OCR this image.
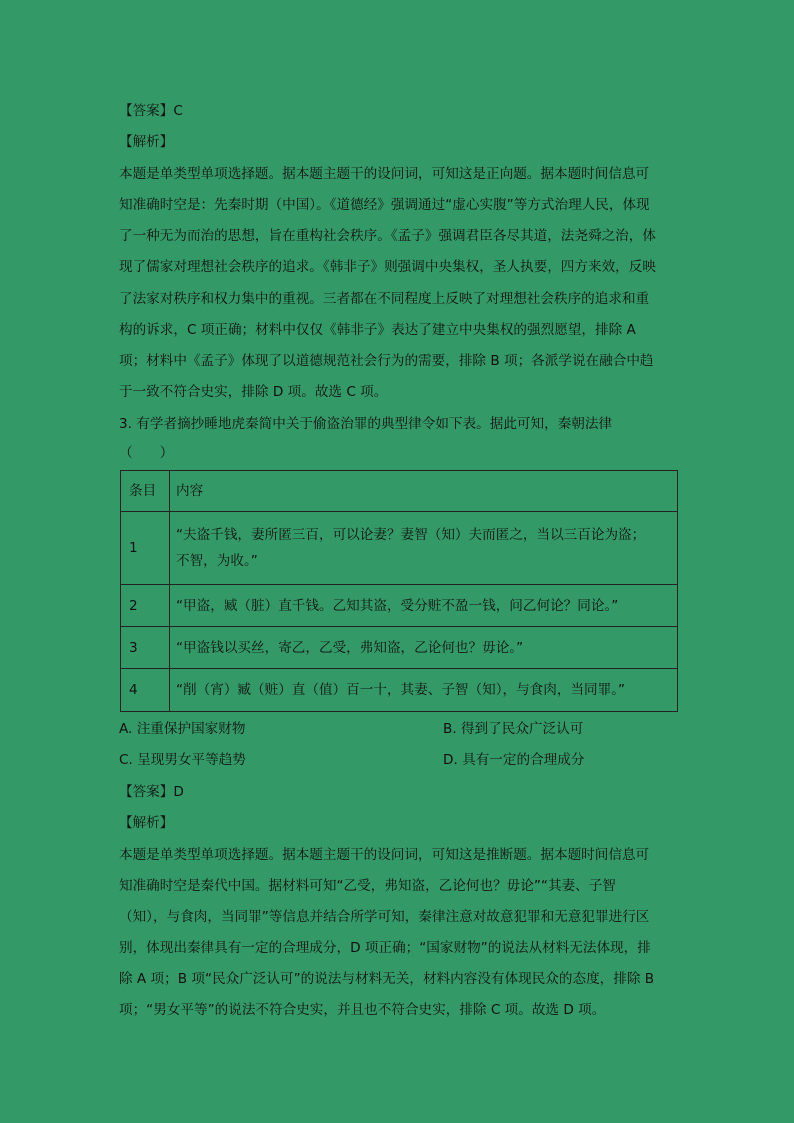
【答案】C
【解析】
本题是单类型单项选择题。据本题主题干的设问词，可知这是正向题。据本题时间信息可
知准确时空是：先秦时期（中国）。《道德经》强调通过“虚心实腹”等方式治理人民，体现
了一种无为而治的思想，旨在重构社会秩序。《孟子》强调君臣各尽其道，法尧舜之治，体
现了儒家对理想社会秩序的追求。《韩非子》则强调中央集权，圣人执要，四方来效，反映
了法家对秩序和权力集中的重视。三者都在不同程度上反映了对理想社会秩序的追求和重
构的诉求，C 项正确；材料中仅仅《韩非子》表达了建立中央集权的强烈愿望，排除 A
项；材料中《孟子》体现了以道德规范社会行为的需要，排除 B 项；各派学说在融合中趋
于一致不符合史实，排除 D 项。故选 C 项。
3. 有学者摘抄睡地虎秦简中关于偷盗治罪的典型律令如下表。据此可知，秦朝法律
（　　）
条目	内容
1	“夫盗千钱，妻所匿三百，可以论妻？妻智（知）夫而匿之，当以三百论为盗；
不智，为收。”

2	“甲盗，臧（脏）直千钱。乙知其盗，受分赃不盈一钱，问乙何论？同论。”
3	“甲盗钱以买丝，寄乙，乙受，弗知盗，乙论何也？毋论。”
4	“削（宵）臧（赃）直（值）百一十，其妻、子智（知），与食肉，当同罪。”
A. 注重保护国家财物	B. 得到了民众广泛认可
C. 呈现男女平等趋势	D. 具有一定的合理成分
【答案】D
【解析】
本题是单类型单项选择题。据本题主题干的设问词，可知这是推断题。据本题时间信息可
知准确时空是秦代中国。据材料可知“乙受，弗知盗，乙论何也？毋论”“其妻、子智
（知），与食肉，当同罪”等信息并结合所学可知，秦律注意对故意犯罪和无意犯罪进行区
别，体现出秦律具有一定的合理成分，D 项正确；“国家财物”的说法从材料无法体现，排
除 A 项；B 项“民众广泛认可”的说法与材料无关，材料内容没有体现民众的态度，排除 B
项；“男女平等”的说法不符合史实，并且也不符合史实，排除 C 项。故选 D 项。
